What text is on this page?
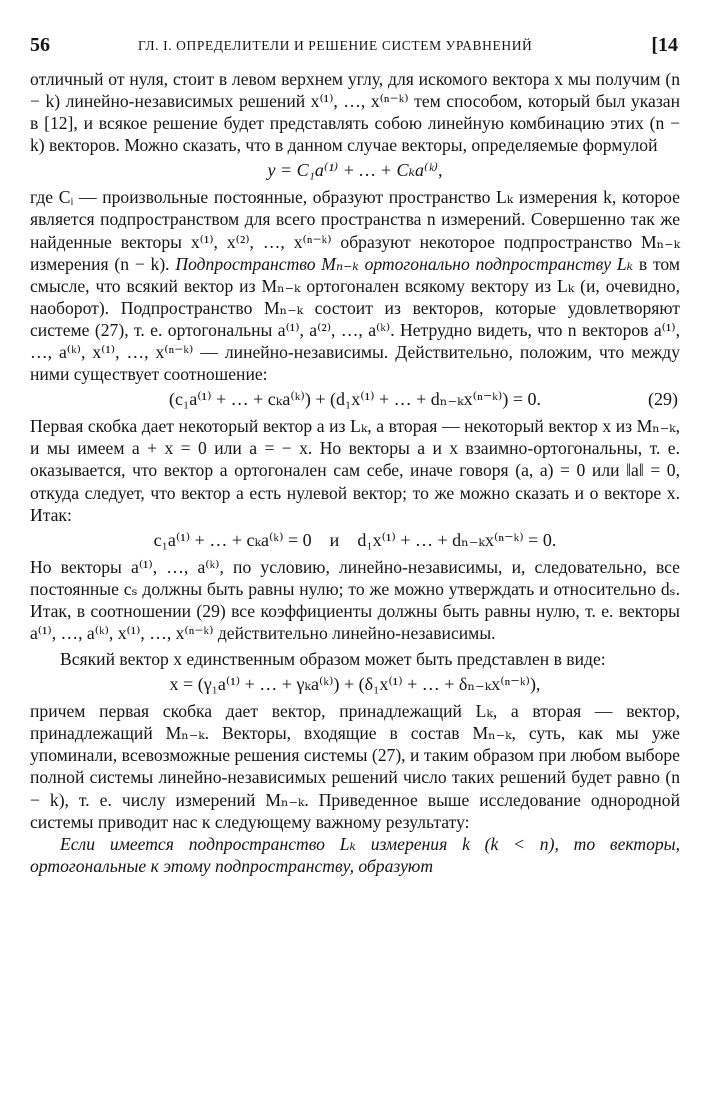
56	ГЛ. I. ОПРЕДЕЛИТЕЛИ И РЕШЕНИЕ СИСТЕМ УРАВНЕНИЙ	[14

отличный от нуля, стоит в левом верхнем углу, для искомого вектора x мы получим (n − k) линейно-независимых решений x⁽¹⁾, …, x⁽ⁿ⁻ᵏ⁾ тем способом, который был указан в [12], и всякое решение будет представлять собою линейную комбинацию этих (n − k) векторов. Можно сказать, что в данном случае векторы, определяемые формулой

y = C₁a⁽¹⁾ + … + Cₖa⁽ᵏ⁾,

где Cᵢ — произвольные постоянные, образуют пространство Lₖ измерения k, которое является подпространством для всего пространства n измерений. Совершенно так же найденные векторы x⁽¹⁾, x⁽²⁾, …, x⁽ⁿ⁻ᵏ⁾ образуют некоторое подпространство Mₙ₋ₖ измерения (n − k). Подпространство Mₙ₋ₖ ортогонально подпространству Lₖ в том смысле, что всякий вектор из Mₙ₋ₖ ортогонален всякому вектору из Lₖ (и, очевидно, наоборот). Подпространство Mₙ₋ₖ состоит из векторов, которые удовлетворяют системе (27), т. е. ортогональны a⁽¹⁾, a⁽²⁾, …, a⁽ᵏ⁾. Нетрудно видеть, что n векторов a⁽¹⁾, …, a⁽ᵏ⁾, x⁽¹⁾, …, x⁽ⁿ⁻ᵏ⁾ — линейно-независимы. Действительно, положим, что между ними существует соотношение:

(c₁a⁽¹⁾ + … + cₖa⁽ᵏ⁾) + (d₁x⁽¹⁾ + … + dₙ₋ₖx⁽ⁿ⁻ᵏ⁾) = 0.	(29)

Первая скобка дает некоторый вектор a из Lₖ, а вторая — некоторый вектор x из Mₙ₋ₖ, и мы имеем a + x = 0 или a = − x. Но векторы a и x взаимно-ортогональны, т. е. оказывается, что вектор a ортогонален сам себе, иначе говоря (a, a) = 0 или ‖a‖ = 0, откуда следует, что вектор a есть нулевой вектор; то же можно сказать и о векторе x. Итак:

c₁a⁽¹⁾ + … + cₖa⁽ᵏ⁾ = 0    и    d₁x⁽¹⁾ + … + dₙ₋ₖx⁽ⁿ⁻ᵏ⁾ = 0.

Но векторы a⁽¹⁾, …, a⁽ᵏ⁾, по условию, линейно-независимы, и, следовательно, все постоянные cₛ должны быть равны нулю; то же можно утверждать и относительно dₛ. Итак, в соотношении (29) все коэффициенты должны быть равны нулю, т. е. векторы a⁽¹⁾, …, a⁽ᵏ⁾, x⁽¹⁾, …, x⁽ⁿ⁻ᵏ⁾ действительно линейно-независимы.

Всякий вектор x единственным образом может быть представлен в виде:

x = (γ₁a⁽¹⁾ + … + γₖa⁽ᵏ⁾) + (δ₁x⁽¹⁾ + … + δₙ₋ₖx⁽ⁿ⁻ᵏ⁾),

причем первая скобка дает вектор, принадлежащий Lₖ, а вторая — вектор, принадлежащий Mₙ₋ₖ. Векторы, входящие в состав Mₙ₋ₖ, суть, как мы уже упоминали, всевозможные решения системы (27), и таким образом при любом выборе полной системы линейно-независимых решений число таких решений будет равно (n − k), т. е. числу измерений Mₙ₋ₖ. Приведенное выше исследование однородной системы приводит нас к следующему важному результату:

Если имеется подпространство Lₖ измерения k (k < n), то векторы, ортогональные к этому подпространству, образуют
